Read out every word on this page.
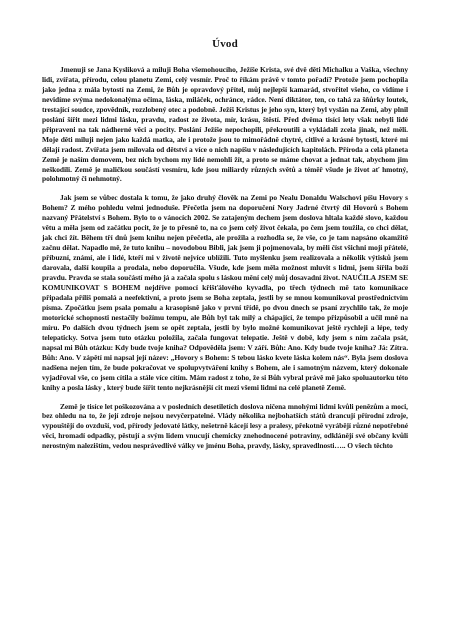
Úvod

Jmenuji se Jana Kysliková a miluji Boha všemohoucího, Ježíše Krista, své dvě děti Michalku a Vaška, všechny lidi, zvířata, přírodu, celou planetu Zemi, celý vesmír. Proč to říkám právě v tomto pořadí? Protože jsem pochopila jako jedna z mála bytostí na Zemi, že Bůh je opravdový přítel, můj nejlepší kamarád, stvořitel všeho, co vidíme i nevidíme svýma nedokonalýma očima, láska, miláček, ochránce, rádce. Není diktátor, ten, co tahá za šňůrky loutek, trestající soudce, zpovědník, rozzlobený otec a podobně. Ježíš Kristus je jeho syn, který byl vyslán na Zemi, aby plnil poslání šířit mezi lidmi lásku, pravdu, radost ze života, mír, krásu, štěstí. Před dvěma tisíci lety však nebyli lidé připraveni na tak nádherné věci a pocity. Poslání Ježíše nepochopili, překroutili a vykládali zcela jinak, než měli. Moje děti miluji nejen jako každá matka, ale i protože jsou to mimořádně chytré, citlivé a krásné bytosti, které mi dělají radost. Zvířata jsem milovala od dětství a více o nich napíšu v následujících kapitolách. Příroda a celá planeta Země je naším domovem, bez nich bychom my lidé nemohli žít, a proto se máme chovat a jednat tak, abychom jim neškodili. Země je maličkou součástí vesmíru, kde jsou miliardy různých světů a téměř všude je život ať hmotný, polohmotný či nehmotný.

Jak jsem se vůbec dostala k tomu, že jako druhý člověk na Zemi po Nealu Donaldu Walschovi píšu Hovory s Bohem? Z mého pohledu velmi jednoduše. Přečetla jsem na doporučení Nory Jadrné čtvrtý díl Hovorů s Bohem nazvaný Přátelství s Bohem. Bylo to o vánocích 2002. Se zatajeným dechem jsem doslova hltala každé slovo, každou větu a měla jsem od začátku pocit, že je to přesně to, na co jsem celý život čekala, po čem jsem toužila, co chci dělat, jak chci žít. Během tří dnů jsem knihu nejen přečetla, ale prožila a rozhodla se, že vše, co je tam napsáno okamžitě začnu dělat. Napadlo mě, že tuto knihu – novodobou Bibli, jak jsem ji pojmenovala, by měli číst všichni moji přátelé, příbuzní, známí, ale i lidé, kteří mi v životě nejvíce ublížili. Tuto myšlenku jsem realizovala a několik výtisků jsem darovala, další koupila a prodala, nebo doporučila. Všude, kde jsem měla možnost mluvit s lidmi, jsem šířila boží pravdu. Pravda se stala součástí mého já a začala spolu s láskou mění celý můj dosavadní život. NAUČILA JSEM SE KOMUNIKOVAT S BOHEM nejdříve pomocí křišťálového kyvadla, po třech týdnech mě tato komunikace připadala příliš pomalá a neefektivní, a proto jsem se Boha zeptala, jestli by se mnou komunikoval prostřednictvím písma. Zpočátku jsem psala pomalu a krasopisně jako v první třídě, po dvou dnech se psaní zrychlilo tak, že moje motorické schopnosti nestačily božímu tempu, ale Bůh byl tak milý a chápající, že tempo přizpůsobil a učil mně na míru. Po dalších dvou týdnech jsem se opět zeptala, jestli by bylo možné komunikovat ještě rychleji a lépe, tedy telepaticky. Sotva jsem tuto otázku položila, začala fungovat telepatie. Ještě v době, kdy jsem s ním začala psát, napsal mi Bůh otázku: Kdy bude tvoje kniha? Odpověděla jsem: V září. Bůh: Ano. Kdy bude tvoje kniha? Já: Zítra. Bůh: Ano. V zápětí mi napsal její název: „Hovory s Bohem: S tebou lásko kvete láska kolem nás“. Byla jsem doslova nadšena nejen tím, že bude pokračovat ve spolupvytváření knihy s Bohem, ale i samotným názvem, který dokonale vyjadřoval vše, co jsem cítila a stále více cítím. Mám radost z toho, že si Bůh vybral právě mě jako spoluautorku této knihy a posla lásky , který bude šířit tento nejkrásnější cit mezi všemi lidmi na celé planetě Země.

Země je tisíce let poškozována a v posledních desetiletích doslova ničena mnohými lidmi kvůli penězům a moci, bez ohledu na to, že její zdroje nejsou nevyčerpatelné. Vlády několika nejbohatších států drancují přírodní zdroje, vypouštějí do ovzduší, vod, přírody jedovaté látky, nešetrně kácejí lesy a pralesy, překotně vyrábějí různé nepotřebné věci, hromadí odpadky, pěstují a svým lidem vnucují chemicky znehodnocené potraviny, odklánějí své občany kvůli nerostným nalezištím, vedou nesprávedlivé války ve jménu Boha, pravdy, lásky, spravedlnosti….. O všech těchto
